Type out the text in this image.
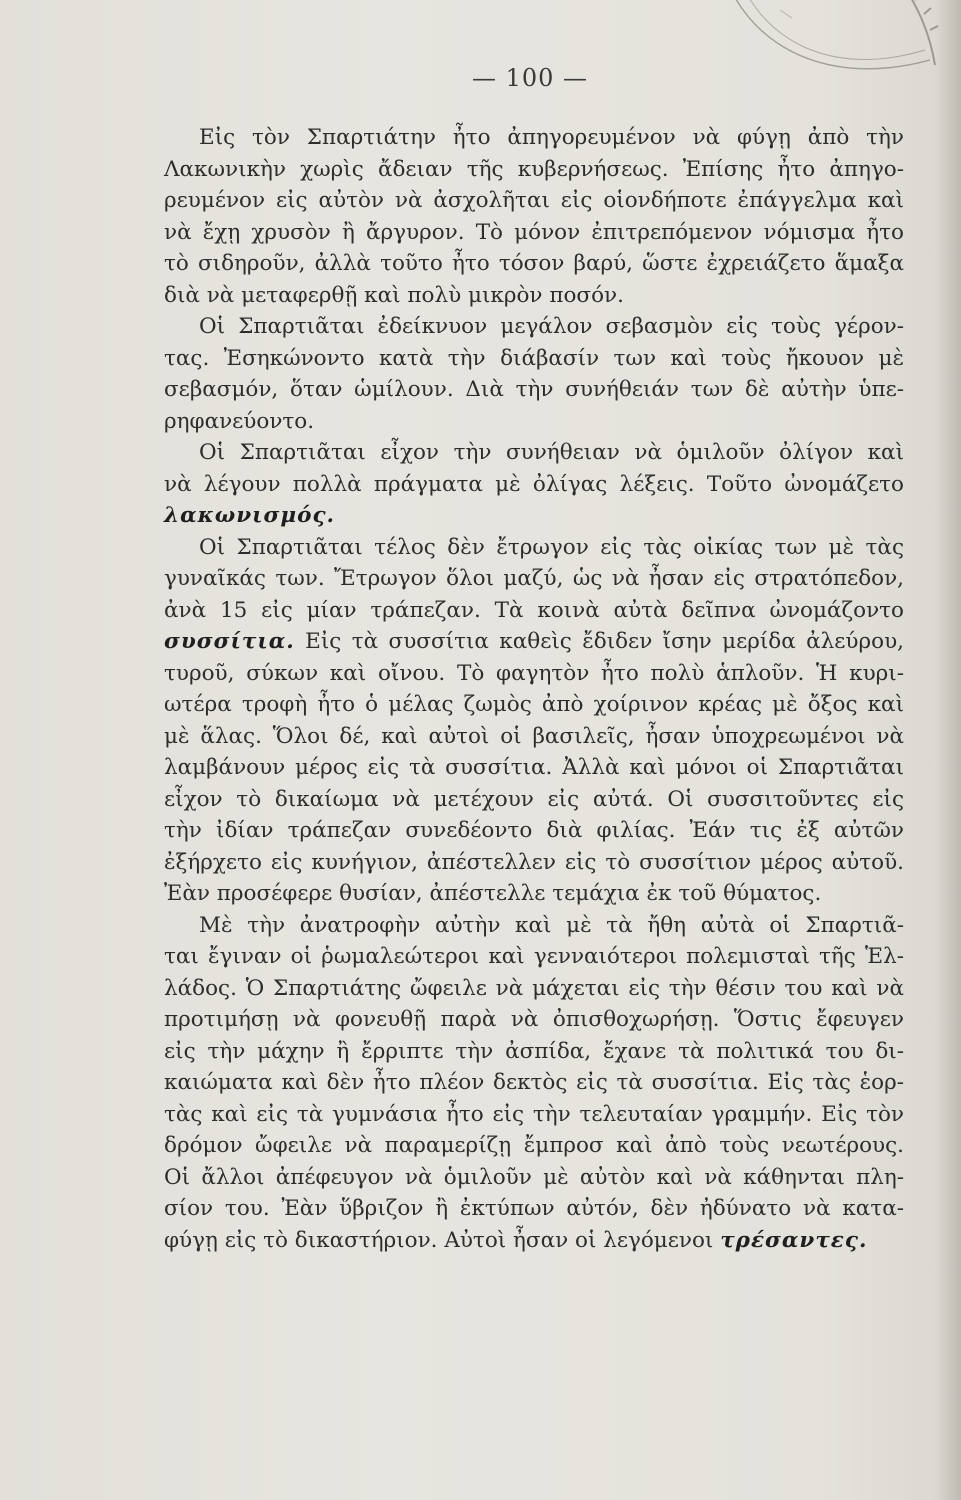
— 100 —
Εἰς τὸν Σπαρτιάτην ἦτο ἀπηγορευμένον νὰ φύγῃ ἀπὸ τὴν
Λακωνικὴν χωρὶς ἄδειαν τῆς κυβερνήσεως. Ἐπίσης ἦτο ἀπηγο-
ρευμένον εἰς αὐτὸν νὰ ἀσχολῆται εἰς οἱονδήποτε ἐπάγγελμα καὶ
νὰ ἔχῃ χρυσὸν ἢ ἄργυρον. Τὸ μόνον ἐπιτρεπόμενον νόμισμα ἦτο
τὸ σιδηροῦν, ἀλλὰ τοῦτο ἦτο τόσον βαρύ, ὥστε ἐχρειάζετο ἅμαξα
διὰ νὰ μεταφερθῇ καὶ πολὺ μικρὸν ποσόν.
Οἱ Σπαρτιᾶται ἐδείκνυον μεγάλον σεβασμὸν εἰς τοὺς γέρον-
τας. Ἐσηκώνοντο κατὰ τὴν διάβασίν των καὶ τοὺς ἤκουον μὲ
σεβασμόν, ὅταν ὡμίλουν. Διὰ τὴν συνήθειάν των δὲ αὐτὴν ὑπε-
ρηφανεύοντο.
Οἱ Σπαρτιᾶται εἶχον τὴν συνήθειαν νὰ ὁμιλοῦν ὀλίγον καὶ
νὰ λέγουν πολλὰ πράγματα μὲ ὀλίγας λέξεις. Τοῦτο ὠνομάζετο
λακωνισμός.
Οἱ Σπαρτιᾶται τέλος δὲν ἔτρωγον εἰς τὰς οἰκίας των μὲ τὰς
γυναῖκάς των. Ἔτρωγον ὅλοι μαζύ, ὡς νὰ ἦσαν εἰς στρατόπεδον,
ἀνὰ 15 εἰς μίαν τράπεζαν. Τὰ κοινὰ αὐτὰ δεῖπνα ὠνομάζοντο
συσσίτια. Εἰς τὰ συσσίτια καθεὶς ἔδιδεν ἴσην μερίδα ἀλεύρου,
τυροῦ, σύκων καὶ οἴνου. Τὸ φαγητὸν ἦτο πολὺ ἁπλοῦν. Ἡ κυρι-
ωτέρα τροφὴ ἦτο ὁ μέλας ζωμὸς ἀπὸ χοίρινον κρέας μὲ ὄξος καὶ
μὲ ἅλας. Ὅλοι δέ, καὶ αὐτοὶ οἱ βασιλεῖς, ἦσαν ὑποχρεωμένοι νὰ
λαμβάνουν μέρος εἰς τὰ συσσίτια. Ἀλλὰ καὶ μόνοι οἱ Σπαρτιᾶται
εἶχον τὸ δικαίωμα νὰ μετέχουν εἰς αὐτά. Οἱ συσσιτοῦντες εἰς
τὴν ἰδίαν τράπεζαν συνεδέοντο διὰ φιλίας. Ἐάν τις ἐξ αὐτῶν
ἐξήρχετο εἰς κυνήγιον, ἀπέστελλεν εἰς τὸ συσσίτιον μέρος αὐτοῦ.
Ἐὰν προσέφερε θυσίαν, ἀπέστελλε τεμάχια ἐκ τοῦ θύματος.
Μὲ τὴν ἀνατροφὴν αὐτὴν καὶ μὲ τὰ ἤθη αὐτὰ οἱ Σπαρτιᾶ-
ται ἔγιναν οἱ ῥωμαλεώτεροι καὶ γενναιότεροι πολεμισταὶ τῆς Ἑλ-
λάδος. Ὁ Σπαρτιάτης ὤφειλε νὰ μάχεται εἰς τὴν θέσιν του καὶ νὰ
προτιμήσῃ νὰ φονευθῇ παρὰ νὰ ὀπισθοχωρήσῃ. Ὅστις ἔφευγεν
εἰς τὴν μάχην ἢ ἔρριπτε τὴν ἀσπίδα, ἔχανε τὰ πολιτικά του δι-
καιώματα καὶ δὲν ἦτο πλέον δεκτὸς εἰς τὰ συσσίτια. Εἰς τὰς ἑορ-
τὰς καὶ εἰς τὰ γυμνάσια ἦτο εἰς τὴν τελευταίαν γραμμήν. Εἰς τὸν
δρόμον ὤφειλε νὰ παραμερίζῃ ἔμπροσ καὶ ἀπὸ τοὺς νεωτέρους.
Οἱ ἄλλοι ἀπέφευγον νὰ ὁμιλοῦν μὲ αὐτὸν καὶ νὰ κάθηνται πλη-
σίον του. Ἐὰν ὕβριζον ἢ ἐκτύπων αὐτόν, δὲν ἠδύνατο νὰ κατα-
φύγῃ εἰς τὸ δικαστήριον. Αὐτοὶ ἦσαν οἱ λεγόμενοι τρέσαντες.
